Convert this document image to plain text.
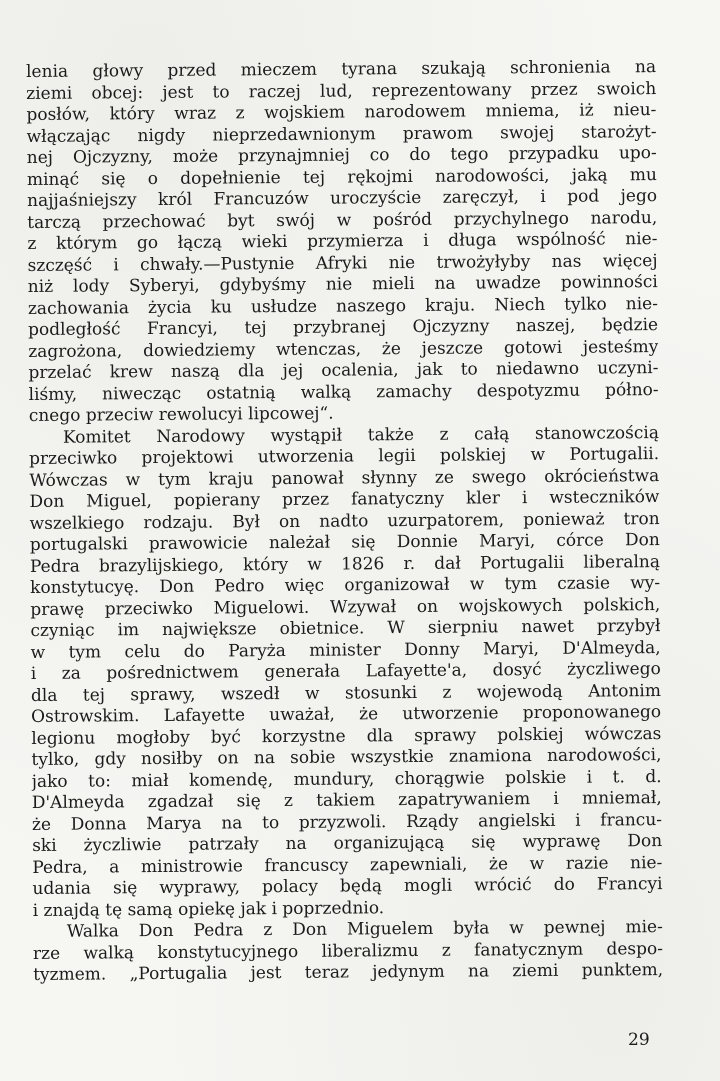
lenia głowy przed mieczem tyrana szukają schronienia na
ziemi obcej: jest to raczej lud, reprezentowany przez swoich
posłów, który wraz z wojskiem narodowem mniema, iż nieu-
włączając nigdy nieprzedawnionym prawom swojej starożyt-
nej Ojczyzny, może przynajmniej co do tego przypadku upo-
minąć się o dopełnienie tej rękojmi narodowości, jaką mu
najjaśniejszy król Francuzów uroczyście zaręczył, i pod jego
tarczą przechować byt swój w pośród przychylnego narodu,
z którym go łączą wieki przymierza i długa wspólność nie-
szczęść i chwały.—Pustynie Afryki nie trwożyłyby nas więcej
niż lody Syberyi, gdybyśmy nie mieli na uwadze powinności
zachowania życia ku usłudze naszego kraju. Niech tylko nie-
podległość Francyi, tej przybranej Ojczyzny naszej, będzie
zagrożona, dowiedziemy wtenczas, że jeszcze gotowi jesteśmy
przelać krew naszą dla jej ocalenia, jak to niedawno uczyni-
liśmy, niwecząc ostatnią walką zamachy despotyzmu półno-
cnego przeciw rewolucyi lipcowej“.
Komitet Narodowy wystąpił także z całą stanowczością
przeciwko projektowi utworzenia legii polskiej w Portugalii.
Wówczas w tym kraju panował słynny ze swego okrócieństwa
Don Miguel, popierany przez fanatyczny kler i wsteczników
wszelkiego rodzaju. Był on nadto uzurpatorem, ponieważ tron
portugalski prawowicie należał się Donnie Maryi, córce Don
Pedra brazylijskiego, który w 1826 r. dał Portugalii liberalną
konstytucyę. Don Pedro więc organizował w tym czasie wy-
prawę przeciwko Miguelowi. Wzywał on wojskowych polskich,
czyniąc im największe obietnice. W sierpniu nawet przybył
w tym celu do Paryża minister Donny Maryi, D'Almeyda,
i za pośrednictwem generała Lafayette'a, dosyć życzliwego
dla tej sprawy, wszedł w stosunki z wojewodą Antonim
Ostrowskim. Lafayette uważał, że utworzenie proponowanego
legionu mogłoby być korzystne dla sprawy polskiej wówczas
tylko, gdy nosiłby on na sobie wszystkie znamiona narodowości,
jako to: miał komendę, mundury, chorągwie polskie i t. d.
D'Almeyda zgadzał się z takiem zapatrywaniem i mniemał,
że Donna Marya na to przyzwoli. Rządy angielski i francu-
ski życzliwie patrzały na organizującą się wyprawę Don
Pedra, a ministrowie francuscy zapewniali, że w razie nie-
udania się wyprawy, polacy będą mogli wrócić do Francyi
i znajdą tę samą opiekę jak i poprzednio.
Walka Don Pedra z Don Miguelem była w pewnej mie-
rze walką konstytucyjnego liberalizmu z fanatycznym despo-
tyzmem. „Portugalia jest teraz jedynym na ziemi punktem,
29
